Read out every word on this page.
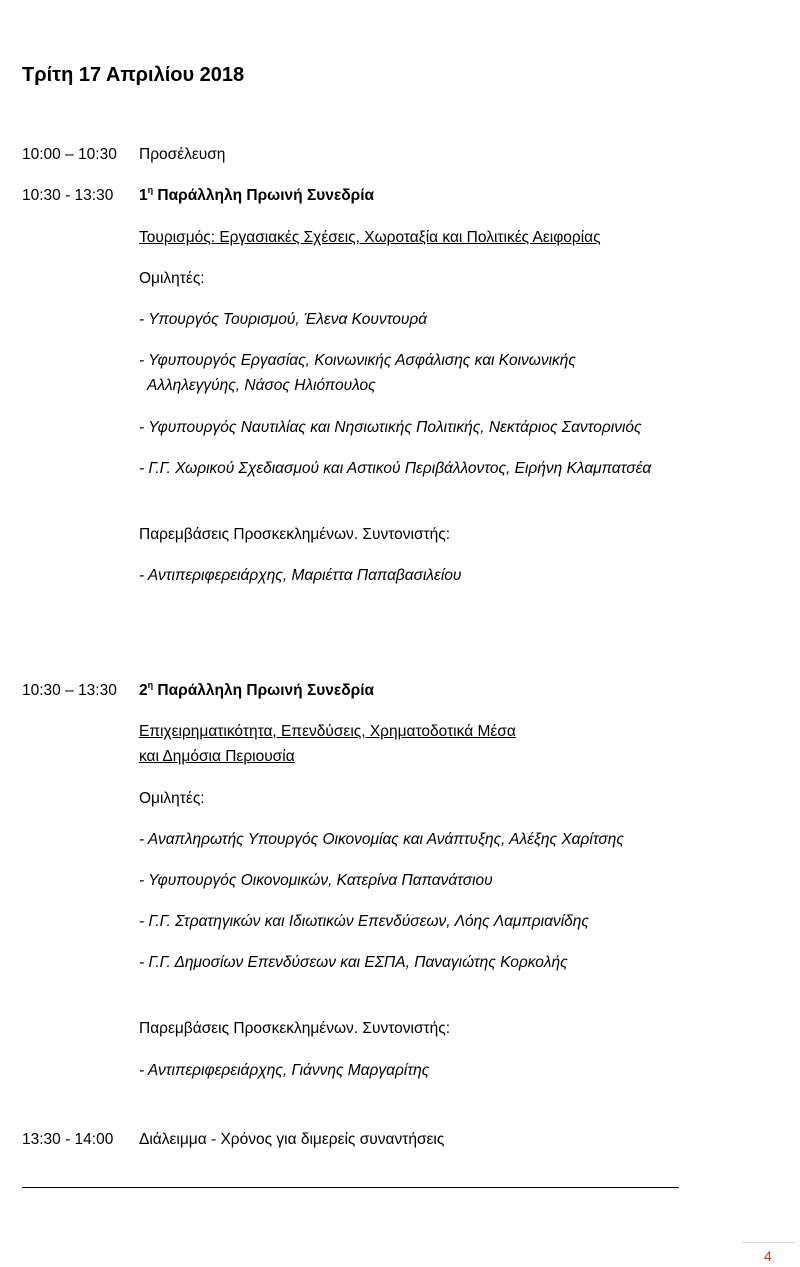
Τρίτη 17 Απριλίου 2018
10:00 – 10:30 Προσέλευση
10:30 - 13:30 $1^\eta$ Παράλληλη Πρωινή Συνεδρία
Τουρισμός: Εργασιακές Σχέσεις, Χωροταξία και Πολιτικές Αειφορίας
Ομιλητές:
- Υπουργός Τουρισμού, Έλενα Κουντουρά
- Υφυπουργός Εργασίας, Κοινωνικής Ασφάλισης και Κοινωνικής
Αλληλεγγύης, Νάσος Ηλιόπουλος
- Υφυπουργός Ναυτιλίας και Νησιωτικής Πολιτικής, Νεκτάριος Σαντορινιός
- Γ.Γ. Χωρικού Σχεδιασμού και Αστικού Περιβάλλοντος, Ειρήνη Κλαμπατσέα
Παρεμβάσεις Προσκεκλημένων. Συντονιστής:
- Αντιπεριφερειάρχης, Μαριέττα Παπαβασιλείου
10:30 – 13:30 $2^\eta$ Παράλληλη Πρωινή Συνεδρία
Επιχειρηματικότητα, Επενδύσεις, Χρηματοδοτικά Μέσα
και Δημόσια Περιουσία
Ομιλητές:
- Αναπληρωτής Υπουργός Οικονομίας και Ανάπτυξης, Αλέξης Χαρίτσης
- Υφυπουργός Οικονομικών, Κατερίνα Παπανάτσιου
- Γ.Γ. Στρατηγικών και Ιδιωτικών Επενδύσεων, Λόης Λαμπριανίδης
- Γ.Γ. Δημοσίων Επενδύσεων και ΕΣΠΑ, Παναγιώτης Κορκολής
Παρεμβάσεις Προσκεκλημένων. Συντονιστής:
- Αντιπεριφερειάρχης, Γιάννης Μαργαρίτης
13:30 - 14:00 Διάλειμμα - Χρόνος για διμερείς συναντήσεις
4
